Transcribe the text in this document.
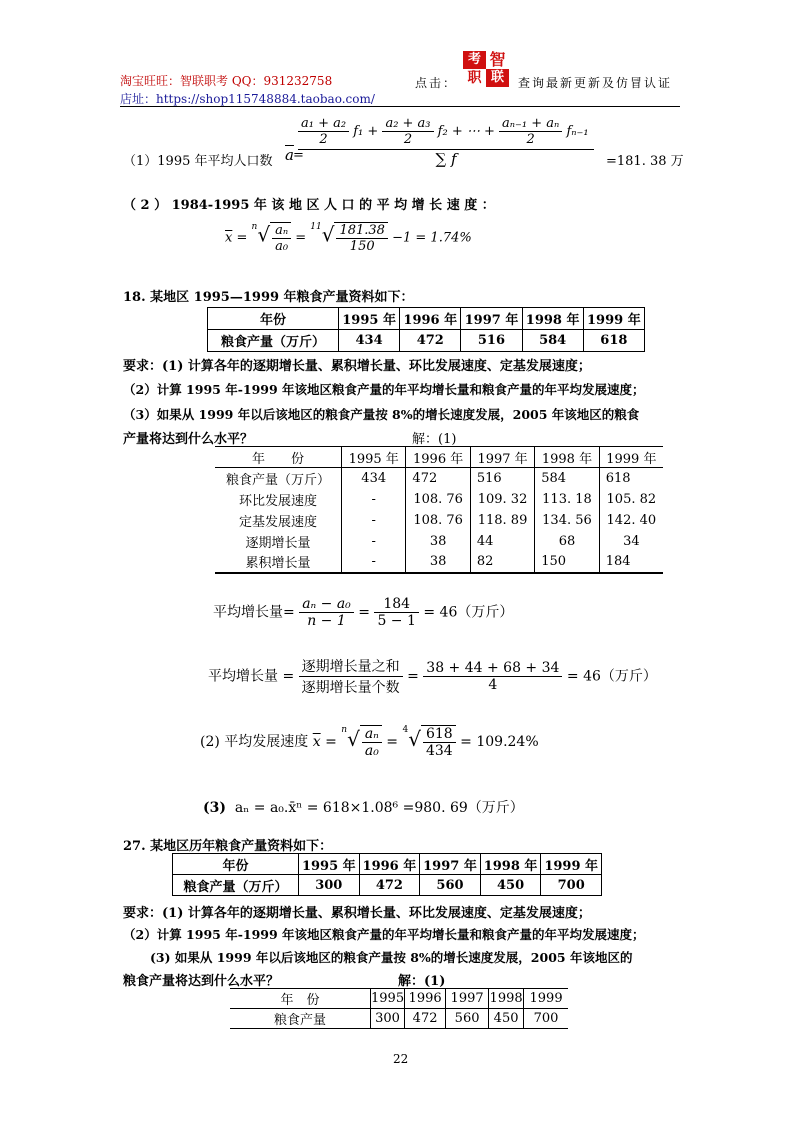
淘宝旺旺：智联职考 QQ：931232758
店址：https://shop115748884.taobao.com/
点击：
考 智
职 联	查询最新更新及仿冒认证
（1）1995 年平均人口数 $\overline{a}$ =
$\frac{\text{a₁ + a₂}}{2} f_1 + \frac{\text{a₂ + a₃}}{2} f_2$ + ⋯ + $\frac{\text{aₙ₋₁ + aₙ}}{2} f_{n-1}$
∑ f	=181. 38 万
（ 2 ） 1984-1995 年 该 地 区 人 口 的 平 均 增 长 速 度 ：
$\overline{x} = ^n√ \frac{\text{aₙ}}{\text{a₀}} = ^{11}√ \frac{181.38}{150} -1 = 1.74\%$
18. 某地区 1995—1999 年粮食产量资料如下：
年份	1995 年	1996 年	1997 年	1998 年	1999 年
粮食产量（万斤）	434	472	516	584	618
要求：(1) 计算各年的逐期增长量、累积增长量、环比发展速度、定基发展速度；
（2）计算 1995 年-1999 年该地区粮食产量的年平均增长量和粮食产量的年平均发展速度；
（3）如果从 1999 年以后该地区的粮食产量按 8%的增长速度发展，2005 年该地区的粮食
产量将达到什么水平？	解：(1)
年　　份	1995 年	1996 年	1997 年	1998 年	1999 年
粮食产量（万斤）	434	472	516	584	618
环比发展速度	-	108. 76	109. 32	113. 18	105. 82
定基发展速度	-	108. 76	118. 89	134. 56	142. 40
逐期增长量	-	38	44	68	34
累积增长量	-	38	82	150	184
平均增长量= $\frac{\text{aₙ − a₀}}{n - 1} = \frac{184}{5 - 1} = 46$（万斤）
平均增长量 = $\frac{\text{逐期增长量之和}}{\text{逐期增长量个数}} = \frac{38 + 44 + 68 + 34}{4} = 46$（万斤）
(2) 平均发展速度 $\overline{x} = ^n√ \frac{\text{aₙ}}{\text{a₀}} = ^4√ \frac{618}{434} = 109.24\%$
(3) aₙ = a₀.x̄ⁿ = 618×1.08⁶ =980. 69（万斤）
27. 某地区历年粮食产量资料如下：
年份	1995 年	1996 年	1997 年	1998 年	1999 年
粮食产量（万斤）	300	472	560	450	700
要求：(1) 计算各年的逐期增长量、累积增长量、环比发展速度、定基发展速度；
（2）计算 1995 年-1999 年该地区粮食产量的年平均增长量和粮食产量的年平均发展速度；
(3) 如果从 1999 年以后该地区的粮食产量按 8%的增长速度发展，2005 年该地区的
粮食产量将达到什么水平？	解：(1)
年　份	1995	1996	1997	1998	1999
粮食产量	300	472	560	450	700
22
